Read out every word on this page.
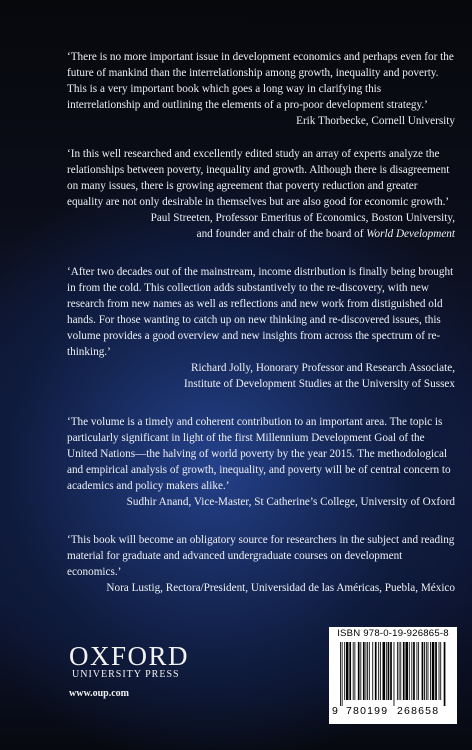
‘There is no more important issue in development economics and perhaps even for the future of mankind than the interrelationship among growth, inequality and poverty. This is a very important book which goes a long way in clarifying this interrelationship and outlining the elements of a pro-poor development strategy.’

Erik Thorbecke, Cornell University

‘In this well researched and excellently edited study an array of experts analyze the relationships between poverty, inequality and growth. Although there is disagreement on many issues, there is growing agreement that poverty reduction and greater equality are not only desirable in themselves but are also good for economic growth.’

Paul Streeten, Professor Emeritus of Economics, Boston University,

and founder and chair of the board of World Development

‘After two decades out of the mainstream, income distribution is finally being brought in from the cold. This collection adds substantively to the re-discovery, with new research from new names as well as reflections and new work from distiguished old hands. For those wanting to catch up on new thinking and re-discovered issues, this volume provides a good overview and new insights from across the spectrum of re-thinking.’

Richard Jolly, Honorary Professor and Research Associate,

Institute of Development Studies at the University of Sussex

‘The volume is a timely and coherent contribution to an important area. The topic is particularly significant in light of the first Millennium Development Goal of the United Nations—the halving of world poverty by the year 2015. The methodological and empirical analysis of growth, inequality, and poverty will be of central concern to academics and policy makers alike.’

Sudhir Anand, Vice-Master, St Catherine’s College, University of Oxford

‘This book will become an obligatory source for researchers in the subject and reading material for graduate and advanced undergraduate courses on development economics.’

Nora Lustig, Rectora/President, Universidad de las Américas, Puebla, México

OXFORD
UNIVERSITY PRESS
www.oup.com
ISBN 978-0-19-926865-8
9 780199 268658
